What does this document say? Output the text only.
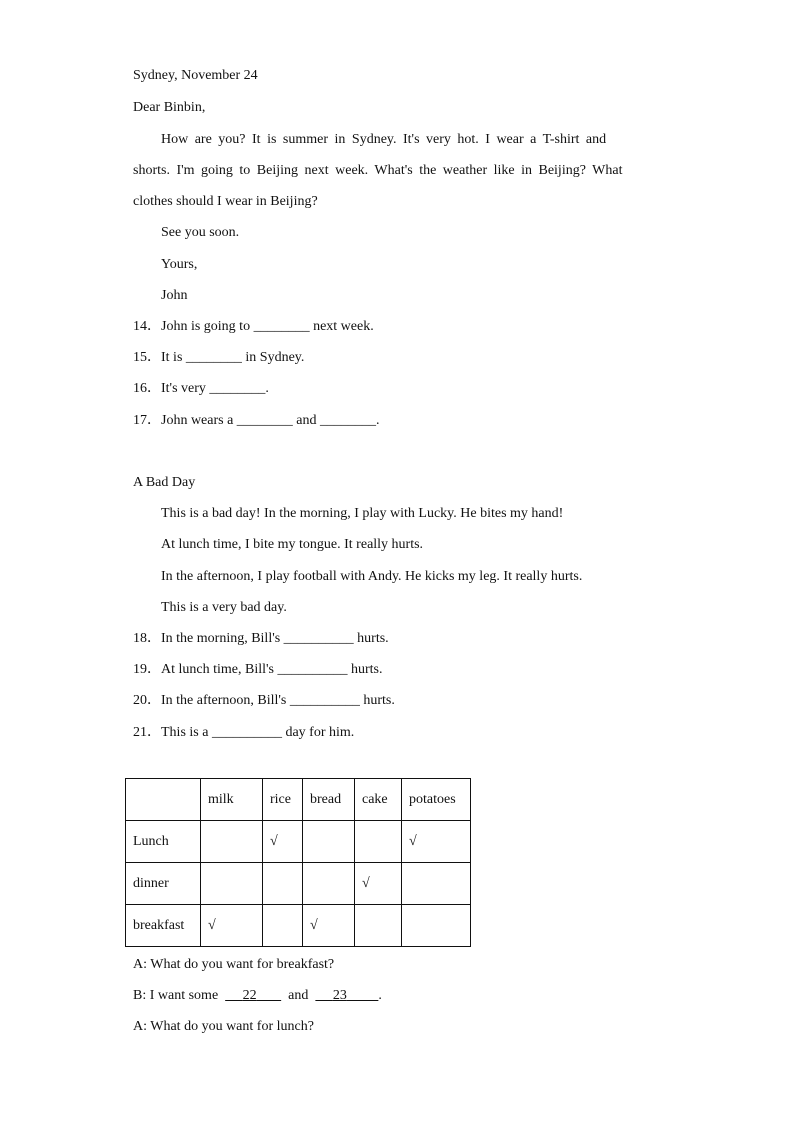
Sydney, November 24
Dear Binbin,
How are you? It is summer in Sydney. It's very hot. I wear a T-shirt and
shorts. I'm going to Beijing next week. What's the weather like in Beijing? What
clothes should I wear in Beijing?
See you soon.
Yours,
John
14．John is going to ________ next week.
15．It is ________ in Sydney.
16．It's very ________.
17．John wears a ________ and ________.
A Bad Day
This is a bad day! In the morning, I play with Lucky. He bites my hand!
At lunch time, I bite my tongue. It really hurts.
In the afternoon, I play football with Andy. He kicks my leg. It really hurts.
This is a very bad day.
18．In the morning, Bill's __________ hurts.
19．At lunch time, Bill's __________ hurts.
20．In the afternoon, Bill's __________ hurts.
21．This is a __________ day for him.
	milk	rice	bread	cake	potatoes
Lunch		√			√
dinner				√	
breakfast	√		√		
A: What do you want for breakfast?
B: I want some 22 and 23 .
A: What do you want for lunch?
